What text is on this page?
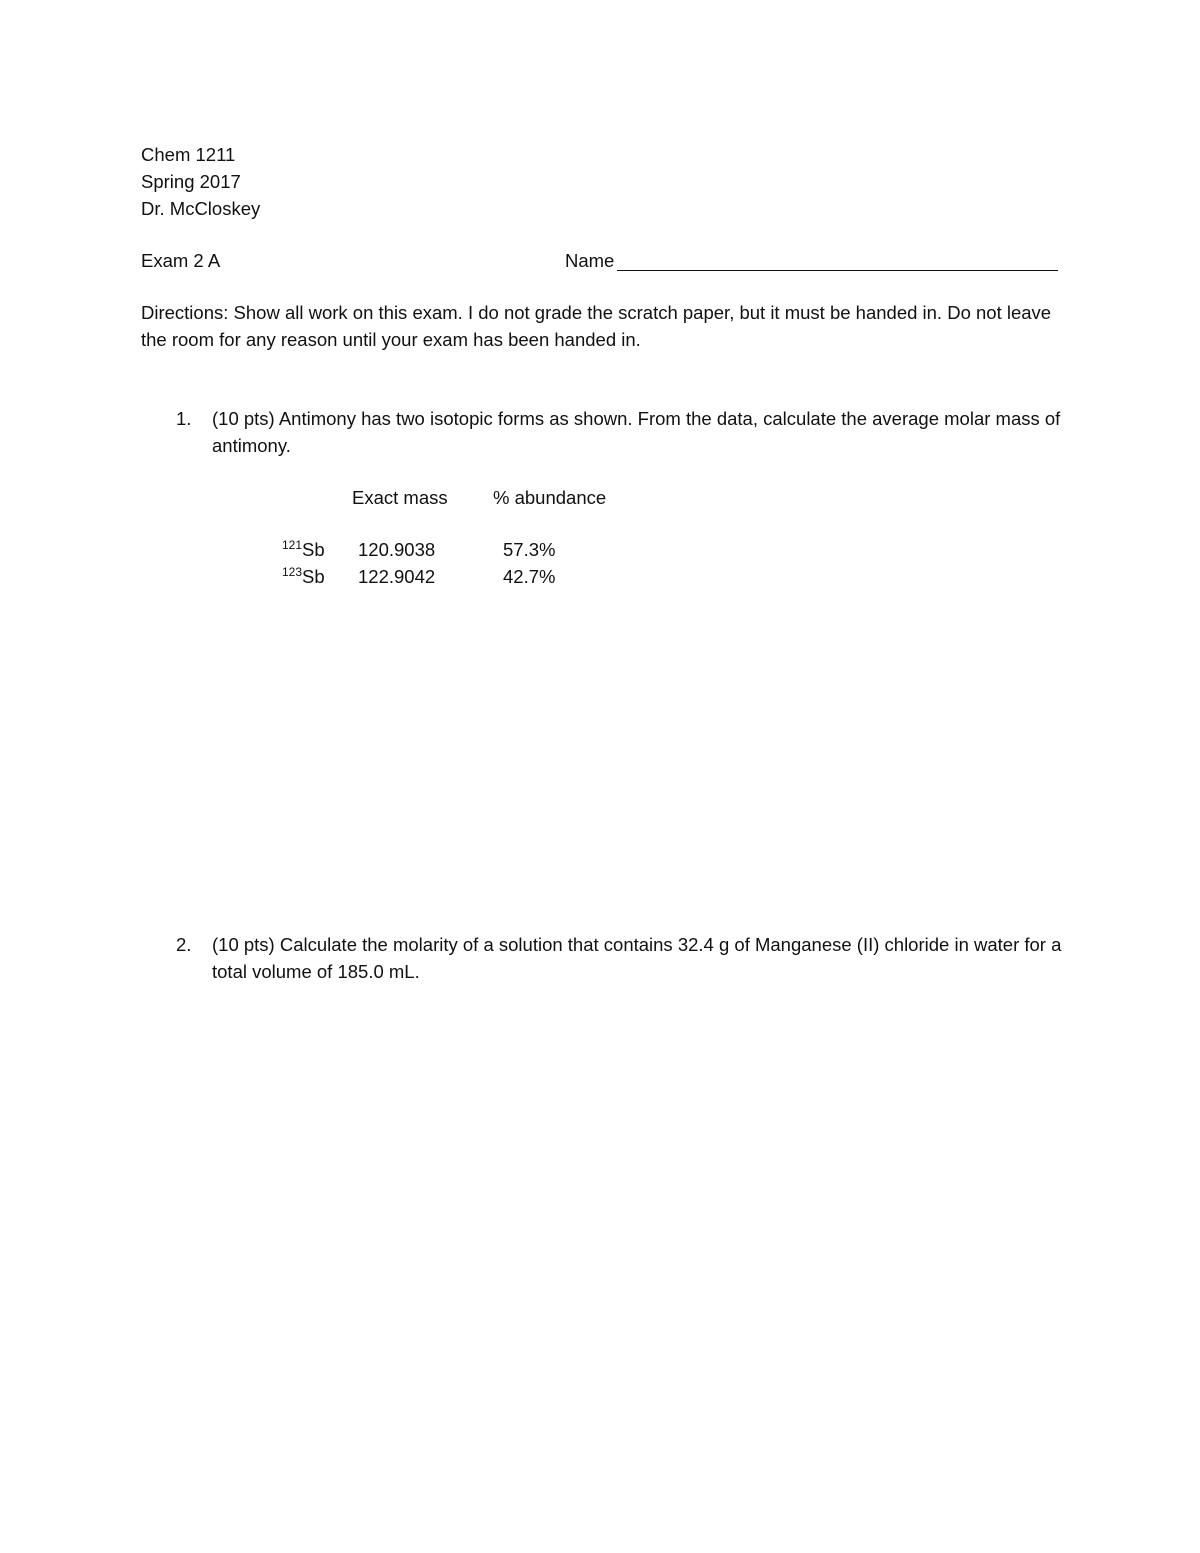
Chem 1211
Spring 2017
Dr. McCloskey
Exam 2 A	Name
Directions: Show all work on this exam. I do not grade the scratch paper, but it must be handed in. Do not leave the room for any reason until your exam has been handed in.
1. (10 pts) Antimony has two isotopic forms as shown. From the data, calculate the average molar mass of antimony.
Exact mass % abundance
$^{121}$Sb 120.9038	57.3%
$^{123}$Sb 122.9042	42.7%
2. (10 pts) Calculate the molarity of a solution that contains 32.4 g of Manganese (II) chloride in water for a total volume of 185.0 mL.
